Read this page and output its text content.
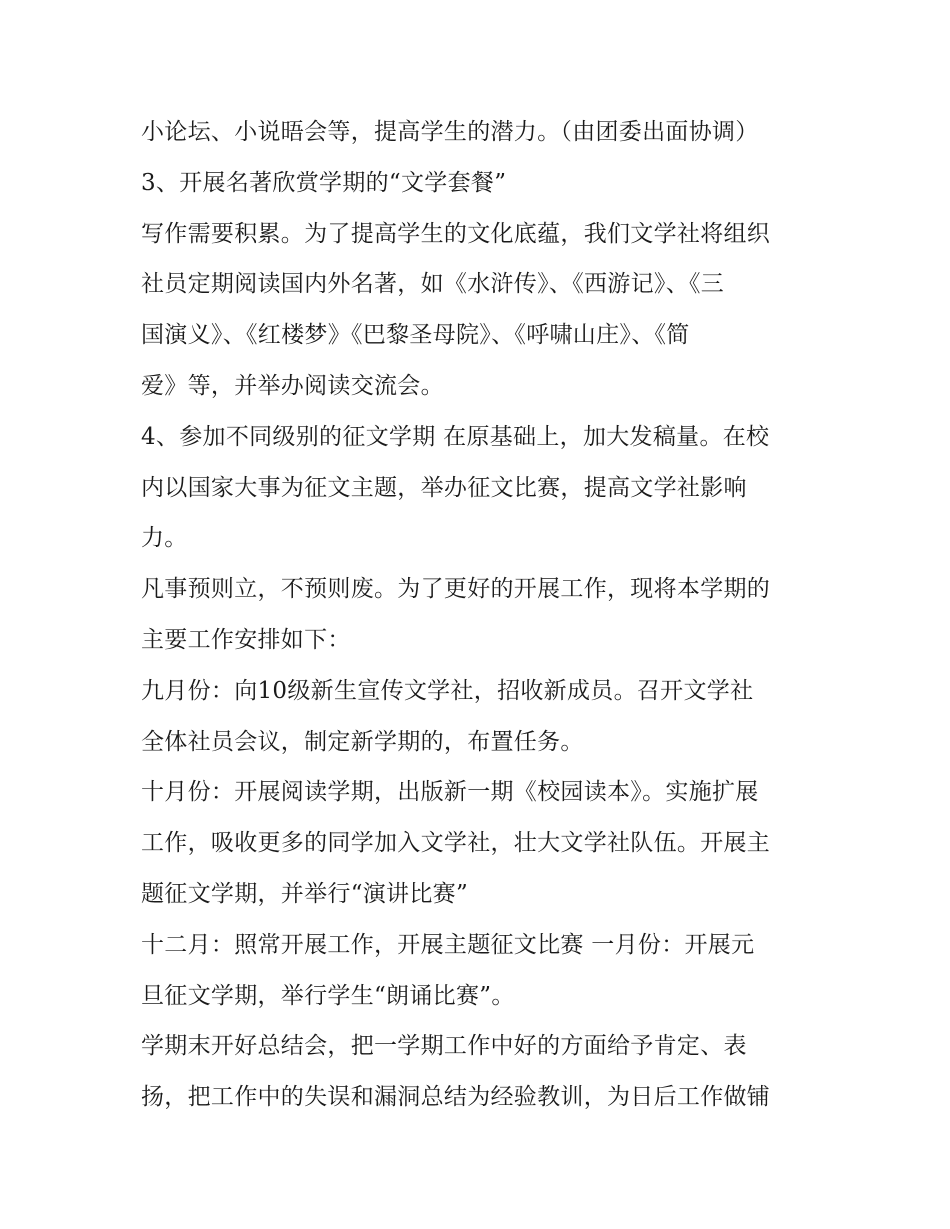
小论坛、小说晤会等，提高学生的潜力。（由团委出面协调）
3、开展名著欣赏学期的“文学套餐”
写作需要积累。为了提高学生的文化底蕴，我们文学社将组织
社员定期阅读国内外名著，如《水浒传》、《西游记》、《三
国演义》、《红楼梦》《巴黎圣母院》、《呼啸山庄》、《简
爱》等，并举办阅读交流会。
4、参加不同级别的征文学期 在原基础上，加大发稿量。在校
内以国家大事为征文主题，举办征文比赛，提高文学社影响
力。
凡事预则立，不预则废。为了更好的开展工作，现将本学期的
主要工作安排如下：
九月份：向10级新生宣传文学社，招收新成员。召开文学社
全体社员会议，制定新学期的，布置任务。
十月份：开展阅读学期，出版新一期《校园读本》。实施扩展
工作，吸收更多的同学加入文学社，壮大文学社队伍。开展主
题征文学期，并举行“演讲比赛”
十二月：照常开展工作，开展主题征文比赛 一月份：开展元
旦征文学期，举行学生“朗诵比赛”。
学期末开好总结会，把一学期工作中好的方面给予肯定、表
扬，把工作中的失误和漏洞总结为经验教训，为日后工作做铺
